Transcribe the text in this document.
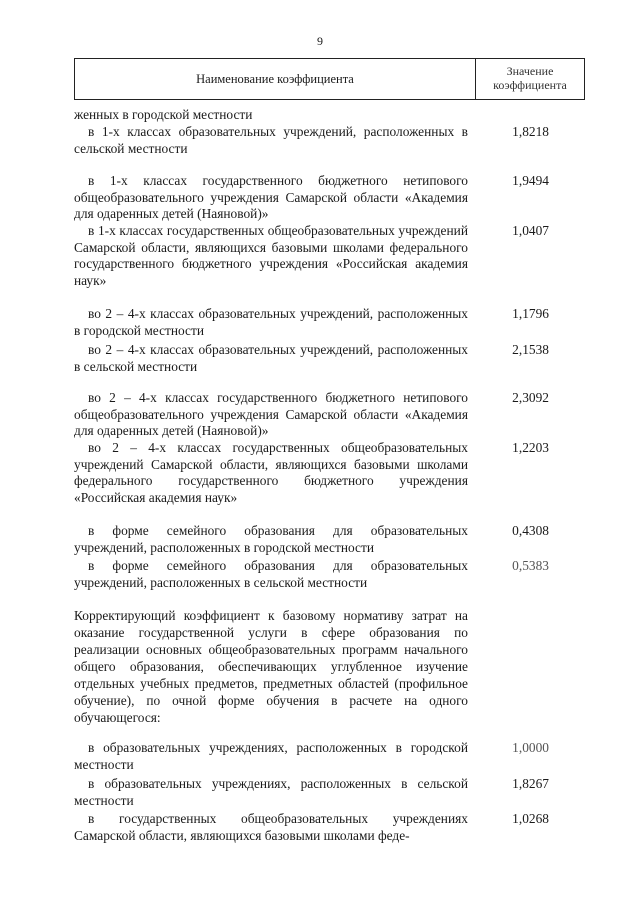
9
Наименование коэффициента
Значение
коэффициента
женных в городской местности
в 1-х классах образовательных учреждений, расположенных в сельской местности
1,8218
в 1-х классах государственного бюджетного нетипового общеобразовательного учреждения Самарской области «Академия для одаренных детей (Наяновой)»
1,9494
в 1-х классах государственных общеобразовательных учреждений Самарской области, являющихся базовыми школами федерального государственного бюджетного учреждения «Российская академия наук»
1,0407
во 2 – 4-х классах образовательных учреждений, расположенных в городской местности
1,1796
во 2 – 4-х классах образовательных учреждений, расположенных в сельской местности
2,1538
во 2 – 4-х классах государственного бюджетного нетипового общеобразовательного учреждения Самарской области «Академия для одаренных детей (Наяновой)»
2,3092
во 2 – 4-х классах государственных общеобразовательных учреждений Самарской области, являющихся базовыми школами федерального государственного бюджетного учреждения «Российская академия наук»
1,2203
в форме семейного образования для образовательных учреждений, расположенных в городской местности
0,4308
в форме семейного образования для образовательных учреждений, расположенных в сельской местности
0,5383
Корректирующий коэффициент к базовому нормативу затрат на оказание государственной услуги в сфере образования по реализации основных общеобразовательных программ начального общего образования, обеспечивающих углубленное изучение отдельных учебных предметов, предметных областей (профильное обучение), по очной форме обучения в расчете на одного обучающегося:
в образовательных учреждениях, расположенных в городской местности
1,0000
в образовательных учреждениях, расположенных в сельской местности
1,8267
в государственных общеобразовательных учреждениях Самарской области, являющихся базовыми школами феде-
1,0268
